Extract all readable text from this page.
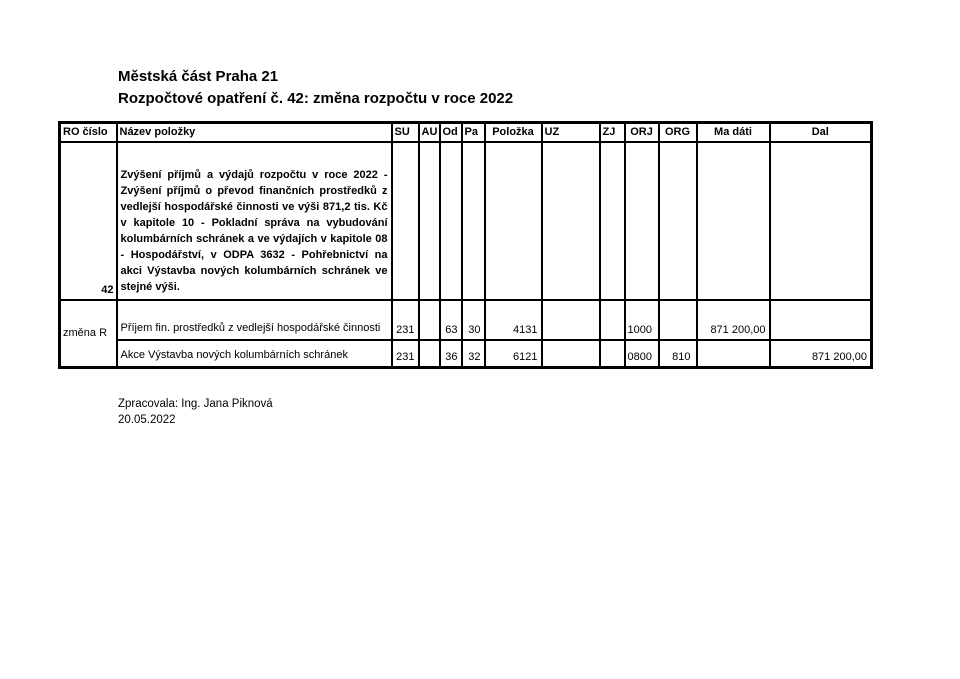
Městská část Praha 21
Rozpočtové opatření č. 42: změna rozpočtu v roce 2022
RO číslo	Název položky	SU	AU	Od	Pa	Položka	UZ	ZJ	ORJ	ORG	Ma dáti	Dal
42	Zvýšení příjmů a výdajů rozpočtu v roce 2022 - Zvýšení příjmů o převod finančních prostředků z vedlejší hospodářské činnosti ve výši 871,2 tis. Kč v kapitole 10 - Pokladní správa na vybudování kolumbárních schránek a ve výdajích v kapitole 08 - Hospodářství, v ODPA 3632 - Pohřebnictví na akci Výstavba nových kolumbárních schránek ve stejné výši.											
změna R	Příjem fin. prostředků z vedlejší hospodářské činnosti	231		63	30	4131			1000		871 200,00	
	Akce Výstavba nových kolumbárních schránek	231		36	32	6121			0800	810		871 200,00
Zpracovala: Ing. Jana Piknová
20.05.2022
